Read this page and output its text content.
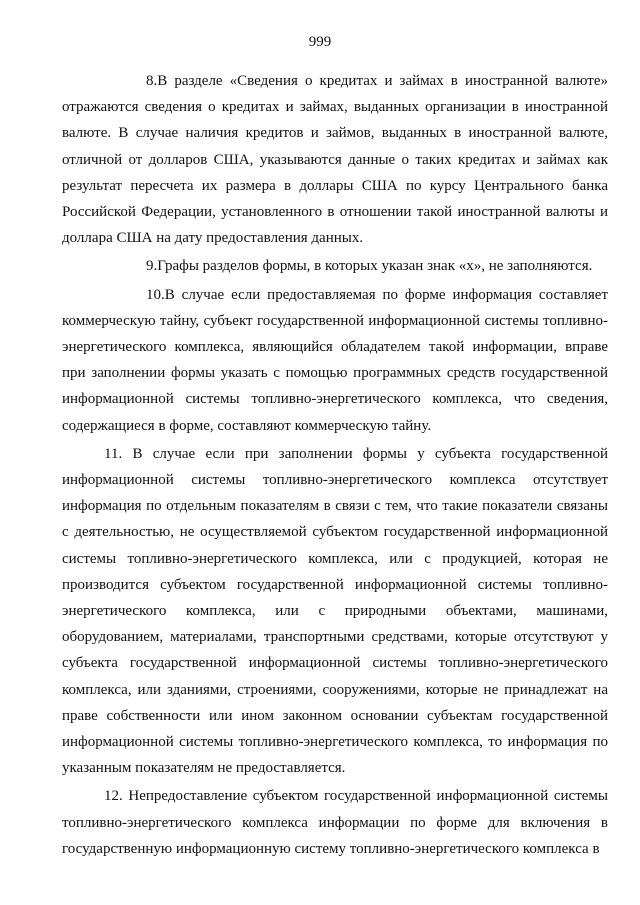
999

8.В разделе «Сведения о кредитах и займах в иностранной валюте» отражаются сведения о кредитах и займах, выданных организации в иностранной валюте. В случае наличия кредитов и займов, выданных в иностранной валюте, отличной от долларов США, указываются данные о таких кредитах и займах как результат пересчета их размера в доллары США по курсу Центрального банка Российской Федерации, установленного в отношении такой иностранной валюты и доллара США на дату предоставления данных.

9.Графы разделов формы, в которых указан знак «х», не заполняются.

10.В случае если предоставляемая по форме информация составляет коммерческую тайну, субъект государственной информационной системы топливно-энергетического комплекса, являющийся обладателем такой информации, вправе при заполнении формы указать с помощью программных средств государственной информационной системы топливно-энергетического комплекса, что сведения, содержащиеся в форме, составляют коммерческую тайну.

11. В случае если при заполнении формы у субъекта государственной информационной системы топливно-энергетического комплекса отсутствует информация по отдельным показателям в связи с тем, что такие показатели связаны с деятельностью, не осуществляемой субъектом государственной информационной системы топливно-энергетического комплекса, или с продукцией, которая не производится субъектом государственной информационной системы топливно-энергетического комплекса, или с природными объектами, машинами, оборудованием, материалами, транспортными средствами, которые отсутствуют у субъекта государственной информационной системы топливно-энергетического комплекса, или зданиями, строениями, сооружениями, которые не принадлежат на праве собственности или ином законном основании субъектам государственной информационной системы топливно-энергетического комплекса, то информация по указанным показателям не предоставляется.

12. Непредоставление субъектом государственной информационной системы топливно-энергетического комплекса информации по форме для включения в государственную информационную систему топливно-энергетического комплекса в
